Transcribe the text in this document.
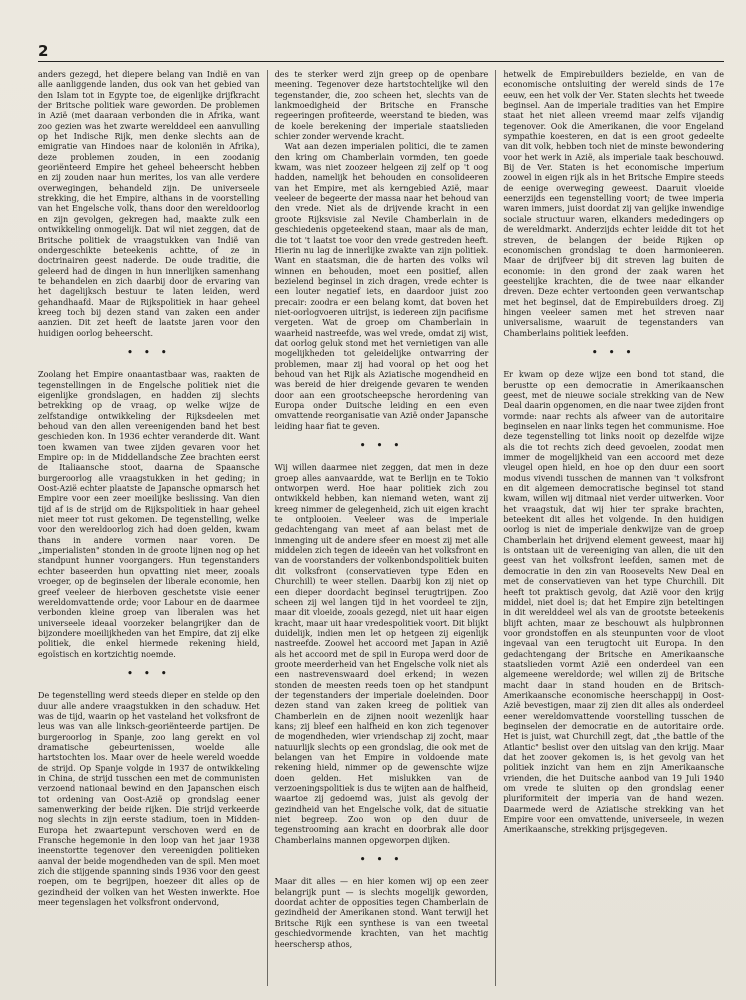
2

anders gezegd, het diepere belang van Indië en van alle aanliggende landen, dus ook van het gebied van den Islam tot in Egypte toe, de eigenlijke drijfkracht der Britsche politiek ware geworden. De problemen in Azië (met daaraan verbonden die in Afrika, want zoo gezien was het zwarte werelddeel een aanvulling op het Indische Rijk, men denke slechts aan de emigratie van Hindoes naar de koloniën in Afrika), deze problemen zouden, in een zoodanig georiënteerd Empire het geheel beheerscht hebben en zij zouden naar hun merites, los van alle verdere overwegingen, behandeld zijn. De universeele strekking, die het Empire, althans in de voorstelling van het Engelsche volk, thans door den wereldoorlog en zijn gevolgen, gekregen had, maakte zulk een ontwikkeling onmogelijk. Dat wil niet zeggen, dat de Britsche politiek de vraagstukken van Indië van ondergeschikte beteekenis achtte, of ze in doctrinairen geest naderde. De oude traditie, die geleerd had de dingen in hun innerlijken samenhang te behandelen en zich daarbij door de ervaring van het dagelijksch bestuur te laten leiden, werd gehandhaafd. Maar de Rijkspolitiek in haar geheel kreeg toch bij dezen stand van zaken een ander aanzien. Dit zet heeft de laatste jaren voor den huidigen oorlog beheerscht.

• • •

Zoolang het Empire onaantastbaar was, raakten de tegenstellingen in de Engelsche politiek niet die eigenlijke grondslagen, en hadden zij slechts betrekking op de vraag, op welke wijze de zelfstandige ontwikkeling der Rijksdeelen met behoud van den allen vereenigenden band het best geschieden kon. In 1936 echter veranderde dit. Want toen kwamen van twee zijden gevaren voor het Empire op: in de Middellandsche Zee brachten eerst de Italiaansche stoot, daarna de Spaansche burgeroorlog alle vraagstukken in het geding; in Oost-Azië echter plaatste de Japansche opmarsch het Empire voor een zeer moeilijke beslissing. Van dien tijd af is de strijd om de Rijkspolitiek in haar geheel niet meer tot rust gekomen. De tegenstelling, welke voor den wereldoorlog zich had doen gelden, kwam thans in andere vormen naar voren. De „imperialisten" stonden in de groote lijnen nog op het standpunt hunner voorgangers. Hun tegenstanders echter baseerden hun opvatting niet meer, zooals vroeger, op de beginselen der liberale economie, hen greef veeleer de hierboven geschetste visie eener wereldomvattende orde; voor Labour en de daarmee verbonden kleine groep van liberalen was het universeele ideaal voorzeker belangrijker dan de bijzondere moeilijkheden van het Empire, dat zij elke politiek, die enkel hiermede rekening hield, egoïstisch en kortzichtig noemde.

• • •

De tegenstelling werd steeds dieper en stelde op den duur alle andere vraagstukken in den schaduw. Het was de tijd, waarin op het vasteland het volksfront de leus was van alle linksch-georiënteerde partijen. De burgeroorlog in Spanje, zoo lang gerekt en vol dramatische gebeurtenissen, woelde alle hartstochten los. Maar over de heele wereld woedde de strijd. Op Spanje volgde in 1937 de ontwikkeling in China, de strijd tusschen een met de communisten verzoend nationaal bewind en den Japanschen eisch tot ordening van Oost-Azië op grondslag eener samenwerking der beide rijken. Die strijd verkeerde nog slechts in zijn eerste stadium, toen in Midden-Europa het zwaartepunt verschoven werd en de Fransche hegemonie in den loop van het jaar 1938 ineenstortte tegenover den vereenigden politieken aanval der beide mogendheden van de spil. Men moet zich die stijgende spanning sinds 1936 voor den geest roepen, om te begrijpen, hoezeer dit alles op de gezindheid der volken van het Westen inwerkte. Hoe meer tegenslagen het volksfront ondervond,

des te sterker werd zijn greep op de openbare meening. Tegenover deze hartstochtelijke wil den tegenstander, die, zoo scheen het, slechts van de lankmoedigheid der Britsche en Fransche regeeringen profiteerde, weerstand te bieden, was de koele berekening der imperiale staatslieden schier zonder wervende kracht.

Wat aan dezen imperialen politici, die te zamen den kring om Chamberlain vormden, ten goede kwam, was niet zoozeer helgeen zij zelf op 't oog hadden, namelijk het behouden en consolideeren van het Empire, met als kerngebied Azië, maar veeleer de begeerte der massa naar het behoud van den vrede. Niet als de drijvende kracht in een groote Rijksvisie zal Nevile Chamberlain in de geschiedenis opgeteekend staan, maar als de man, die tot 't laatst toe voor den vrede gestreden heeft. Hierin nu lag de innerlijke zwakte van zijn politiek. Want en staatsman, die de harten des volks wil winnen en behouden, moet een positief, allen bezielend beginsel in zich dragen, vrede echter is een louter negatief iets, en daardoor juist zoo precair: zoodra er een belang komt, dat boven het niet-oorlogvoeren uitrijst, is iedereen zijn pacifisme vergeten. Wat de groep om Chamberlain in waarheid nastreefde, was wel vrede, omdat zij wist, dat oorlog geluk stond met het vernietigen van alle mogelijkheden tot geleidelijke ontwarring der problemen, maar zij had vooral op het oog het behoud van het Rijk als Aziatische mogendheid en was bereid de hier dreigende gevaren te wenden door aan een grootscheepsche herordening van Europa onder Duitsche leiding en een even omvattende reorganisatie van Azië onder Japansche leiding haar fiat te geven.

• • •

Wij willen daarmee niet zeggen, dat men in deze groep alles aanvaardde, wat te Berlijn en te Tokio ontworpen werd. Hoe haar politiek zich zou ontwikkeld hebben, kan niemand weten, want zij kreeg nimmer de gelegenheid, zich uit eigen kracht te ontplooien. Veeleer was de imperiale gedachtengang van meet af aan belast met de inmenging uit de andere sfeer en moest zij met alle middelen zich tegen de ideeën van het volksfront en van de voorstanders der volkenbondspolitiek buiten dit volksfront (conservatieven type Eden en Churchill) te weer stellen. Daarbij kon zij niet op een dieper doordacht beginsel terugtrijpen. Zoo scheen zij wel langen tijd in het voordeel te zijn, maar dit vloeide, zooals gezegd, niet uit haar eigen kracht, maar uit haar vredespolitiek voort. Dit blijkt duidelijk, indien men let op hetgeen zij eigenlijk nastreefde. Zoowel het accoord met Japan in Azië als het accoord met de spil in Europa werd door de groote meerderheid van het Engelsche volk niet als een nastrevenswaard doel erkend; in wezen stonden de meesten reeds toen op het standpunt der tegenstanders der imperiale doeleinden. Door dezen stand van zaken kreeg de politiek van Chamberlein en de zijnen nooit wezenlijk haar kans; zij bleef een halfheid en kon zich tegenover de mogendheden, wier vriendschap zij zocht, maar natuurlijk slechts op een grondslag, die ook met de belangen van het Empire in voldoende mate rekening hield, nimmer op de gewenschte wijze doen gelden. Het mislukken van de verzoeningspolitiek is dus te wijten aan de halfheid, waartoe zij gedoemd was, juist als gevolg der gezindheid van het Engelsche volk, dat de situatie niet begreep. Zoo won op den duur de tegenstrooming aan kracht en doorbrak alle door Chamberlains mannen opgeworpen dijken.

• • •

Maar dit alles — en hier komen wij op een zeer belangrijk punt — is slechts mogelijk geworden, doordat achter de opposities tegen Chamberlain de gezindheid der Amerikanen stond. Want terwijl het Britsche Rijk een synthese is van een tweetal geschiedvormende krachten, van het machtig heerschersp athos,

hetwelk de Empirebuilders bezielde, en van de economische ontsluiting der wereld sinds de 17e eeuw, een het volk der Ver. Staten slechts het tweede beginsel. Aan de imperiale tradities van het Empire staat het niet alleen vreemd maar zelfs vijandig tegenover. Ook die Amerikanen, die voor Engeland sympathie koesteren, en dat is een groot gedeelte van dit volk, hebben toch niet de minste bewondering voor het werk in Azië, als imperiale taak beschouwd. Bij de Ver. Staten is het economische imperium zoowel in eigen rijk als in het Britsche Empire steeds de eenige overweging geweest. Daaruit vloeide eenerzijds een tegenstelling voort; de twee imperia waren immers, juist doordat zij van gelijke inwendige sociale structuur waren, elkanders mededingers op de wereldmarkt. Anderzijds echter leidde dit tot het streven, de belangen der beide Rijken op economischen grondslag te doen harmonieeren. Maar de drijfveer bij dit streven lag buiten de economie: in den grond der zaak waren het geestelijke krachten, die de twee naar elkander dreven. Deze echter vertoonden geen verwantschap met het beginsel, dat de Empirebuilders droeg. Zij hingen veeleer samen met het streven naar universalisme, waaruit de tegenstanders van Chamberlains politiek leefden.

• • •

Er kwam op deze wijze een bond tot stand, die berustte op een democratie in Amerikaanschen geest, met de nieuwe sociale strekking van de New Deal daarin opgenomen, en die naar twee zijden front vormde: naar rechts als afweer van de autoritaire beginselen en naar links tegen het communisme. Hoe deze tegenstelling tot links nooit op dezelfde wijze als die tot rechts zich deed gevoelen, zoodat men immer de mogelijkheid van een accoord met deze vleugel open hield, en hoe op den duur een soort modus vivendi tusschen de mannen van 't volksfront en dit algemeen democratische beginsel tot stand kwam, willen wij ditmaal niet verder uitwerken. Voor het vraagstuk, dat wij hier ter sprake brachten, beteekent dit alles het volgende. In den huidigen oorlog is niet de imperiale denkwijze van de groep Chamberlain het drijvend element geweest, maar hij is ontstaan uit de vereeniging van allen, die uit den geest van het volksfront leefden, samen met de democratie in den zin van Roosevelts New Deal en met de conservatieven van het type Churchill. Dit heeft tot praktisch gevolg, dat Azië voor den krijg middel, niet doel is; dat het Empire zijn beteltingen in dit werelddeel wel als van de grootste beteekenis blijft achten, maar ze beschouwt als hulpbronnen voor grondstoffen en als steunpunten voor de vloot ingevaal van een terugtocht uit Europa. In den gedachtengang der Britsche en Amerikaansche staatslieden vormt Azië een onderdeel van een algemeene wereldorde; wel willen zij de Britsche macht daar in stand houden en de Britsch-Amerikaansche economische heerschappij in Oost-Azië bevestigen, maar zij zien dit alles als onderdeel eener wereldomvattende voorstelling tusschen de beginselen der democratie en de autoritaire orde. Het is juist, wat Churchill zegt, dat „the battle of the Atlantic" beslist over den uitslag van den krijg. Maar dat het zoover gekomen is, is het gevolg van het politiek inzicht van hem en zijn Amerikaansche vrienden, die het Duitsche aanbod van 19 Juli 1940 om vrede te sluiten op den grondslag eener pluriformiteit der imperia van de hand wezen. Daarmede werd de Aziatische strekking van het Empire voor een omvattende, universeele, in wezen Amerikaansche, strekking prijsgegeven.
